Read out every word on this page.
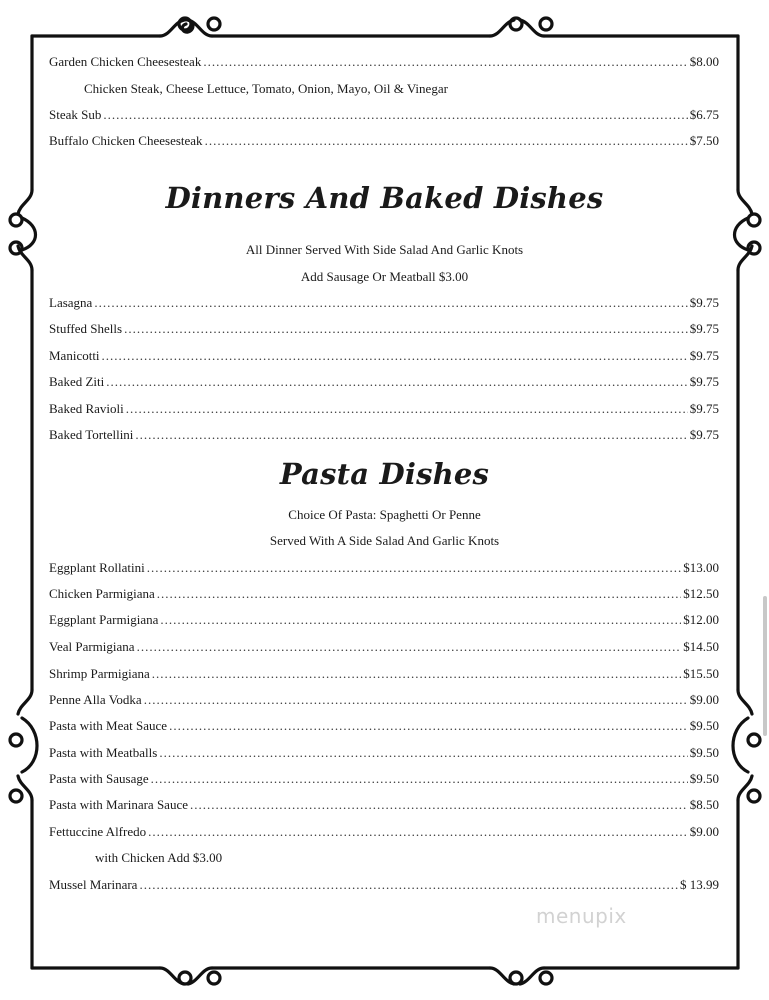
Garden Chicken Cheesesteak .....	$8.00
Chicken Steak, Cheese Lettuce, Tomato, Onion, Mayo, Oil & Vinegar
Steak Sub .....	$6.75
Buffalo Chicken Cheesesteak .....	$7.50
Dinners And Baked Dishes
All Dinner Served With Side Salad And Garlic Knots
Add Sausage Or Meatball $3.00
Lasagna .....	$9.75
Stuffed Shells .....	$9.75
Manicotti .....	$9.75
Baked Ziti .....	$9.75
Baked Ravioli .....	$9.75
Baked Tortellini .....	$9.75
Pasta Dishes
Choice Of Pasta: Spaghetti Or Penne
Served With A Side Salad And Garlic Knots
Eggplant Rollatini .....	$13.00
Chicken Parmigiana .....	$12.50
Eggplant Parmigiana .....	$12.00
Veal Parmigiana .....	$14.50
Shrimp Parmigiana .....	$15.50
Penne Alla Vodka .....	$9.00
Pasta with Meat Sauce .....	$9.50
Pasta with Meatballs .....	$9.50
Pasta with Sausage .....	$9.50
Pasta with Marinara Sauce .....	$8.50
Fettuccine Alfredo .....	$9.00
with Chicken Add $3.00
Mussel Marinara .....	$ 13.99
menupix
